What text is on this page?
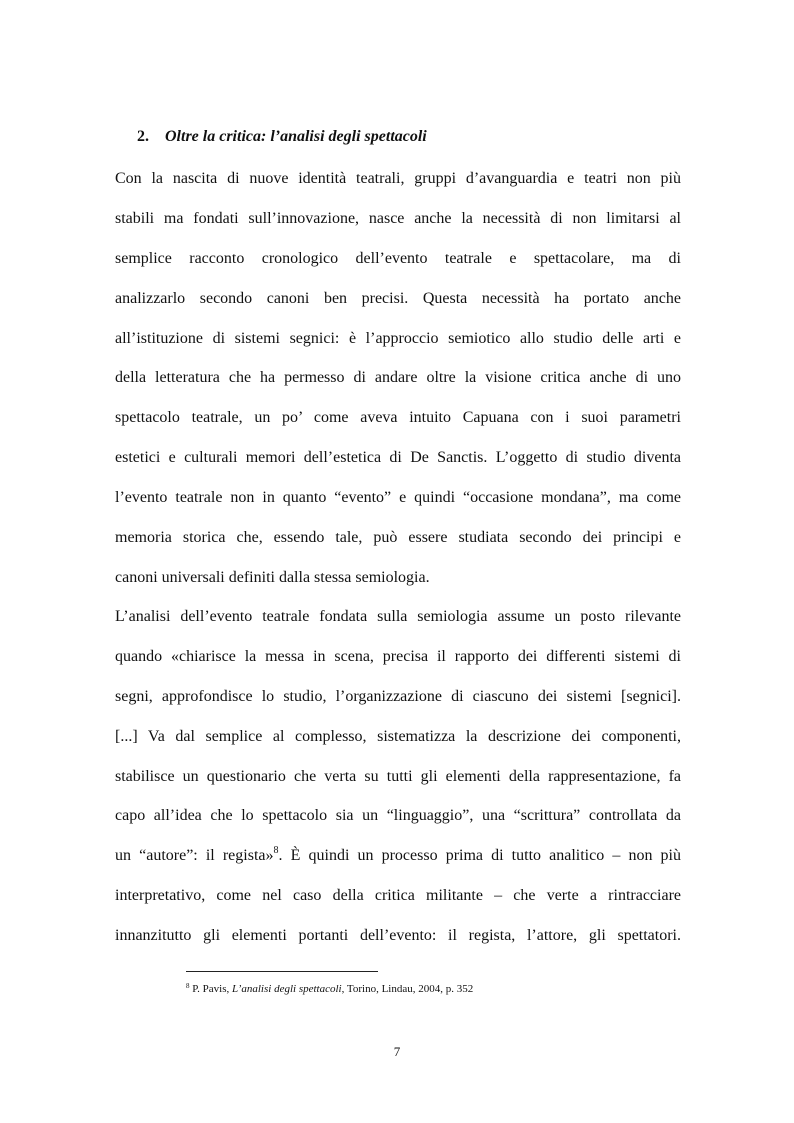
2. Oltre la critica: l’analisi degli spettacoli
Con la nascita di nuove identità teatrali, gruppi d’avanguardia e teatri non più
stabili ma fondati sull’innovazione, nasce anche la necessità di non limitarsi al
semplice racconto cronologico dell’evento teatrale e spettacolare, ma di
analizzarlo secondo canoni ben precisi. Questa necessità ha portato anche
all’istituzione di sistemi segnici: è l’approccio semiotico allo studio delle arti e
della letteratura che ha permesso di andare oltre la visione critica anche di uno
spettacolo teatrale, un po’ come aveva intuito Capuana con i suoi parametri
estetici e culturali memori dell’estetica di De Sanctis. L’oggetto di studio diventa
l’evento teatrale non in quanto “evento” e quindi “occasione mondana”, ma come
memoria storica che, essendo tale, può essere studiata secondo dei principi e
canoni universali definiti dalla stessa semiologia.
L’analisi dell’evento teatrale fondata sulla semiologia assume un posto rilevante
quando «chiarisce la messa in scena, precisa il rapporto dei differenti sistemi di
segni, approfondisce lo studio, l’organizzazione di ciascuno dei sistemi [segnici].
[...] Va dal semplice al complesso, sistematizza la descrizione dei componenti,
stabilisce un questionario che verta su tutti gli elementi della rappresentazione, fa
capo all’idea che lo spettacolo sia un “linguaggio”, una “scrittura” controllata da
un “autore”: il regista»$^8$. È quindi un processo prima di tutto analitico – non più
interpretativo, come nel caso della critica militante – che verte a rintracciare
innanzitutto gli elementi portanti dell’evento: il regista, l’attore, gli spettatori.
$^8$ P. Pavis, L’analisi degli spettacoli, Torino, Lindau, 2004, p. 352
7
